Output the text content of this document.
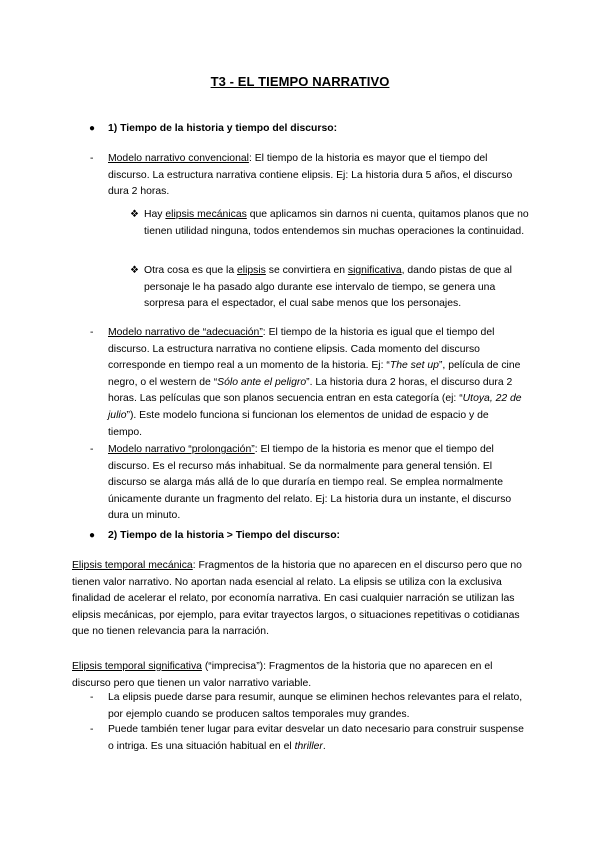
T3 - EL TIEMPO NARRATIVO
● 1) Tiempo de la historia y tiempo del discurso:
- Modelo narrativo convencional: El tiempo de la historia es mayor que el tiempo del discurso. La estructura narrativa contiene elipsis. Ej: La historia dura 5 años, el discurso dura 2 horas.
❖ Hay elipsis mecánicas que aplicamos sin darnos ni cuenta, quitamos planos que no tienen utilidad ninguna, todos entendemos sin muchas operaciones la continuidad.
❖ Otra cosa es que la elipsis se convirtiera en significativa, dando pistas de que al personaje le ha pasado algo durante ese intervalo de tiempo, se genera una sorpresa para el espectador, el cual sabe menos que los personajes.
- Modelo narrativo de “adecuación”: El tiempo de la historia es igual que el tiempo del discurso. La estructura narrativa no contiene elipsis. Cada momento del discurso corresponde en tiempo real a un momento de la historia. Ej: “The set up”, película de cine negro, o el western de “Sólo ante el peligro”. La historia dura 2 horas, el discurso dura 2 horas. Las películas que son planos secuencia entran en esta categoría (ej: “Utoya, 22 de julio”). Este modelo funciona si funcionan los elementos de unidad de espacio y de tiempo.
- Modelo narrativo “prolongación”: El tiempo de la historia es menor que el tiempo del discurso. Es el recurso más inhabitual. Se da normalmente para general tensión. El discurso se alarga más allá de lo que duraría en tiempo real. Se emplea normalmente únicamente durante un fragmento del relato. Ej: La historia dura un instante, el discurso dura un minuto.
● 2) Tiempo de la historia > Tiempo del discurso:
Elipsis temporal mecánica: Fragmentos de la historia que no aparecen en el discurso pero que no tienen valor narrativo. No aportan nada esencial al relato. La elipsis se utiliza con la exclusiva finalidad de acelerar el relato, por economía narrativa. En casi cualquier narración se utilizan las elipsis mecánicas, por ejemplo, para evitar trayectos largos, o situaciones repetitivas o cotidianas que no tienen relevancia para la narración.
Elipsis temporal significativa (“imprecisa”): Fragmentos de la historia que no aparecen en el discurso pero que tienen un valor narrativo variable.
- La elipsis puede darse para resumir, aunque se eliminen hechos relevantes para el relato, por ejemplo cuando se producen saltos temporales muy grandes.
- Puede también tener lugar para evitar desvelar un dato necesario para construir suspense o intriga. Es una situación habitual en el thriller.
